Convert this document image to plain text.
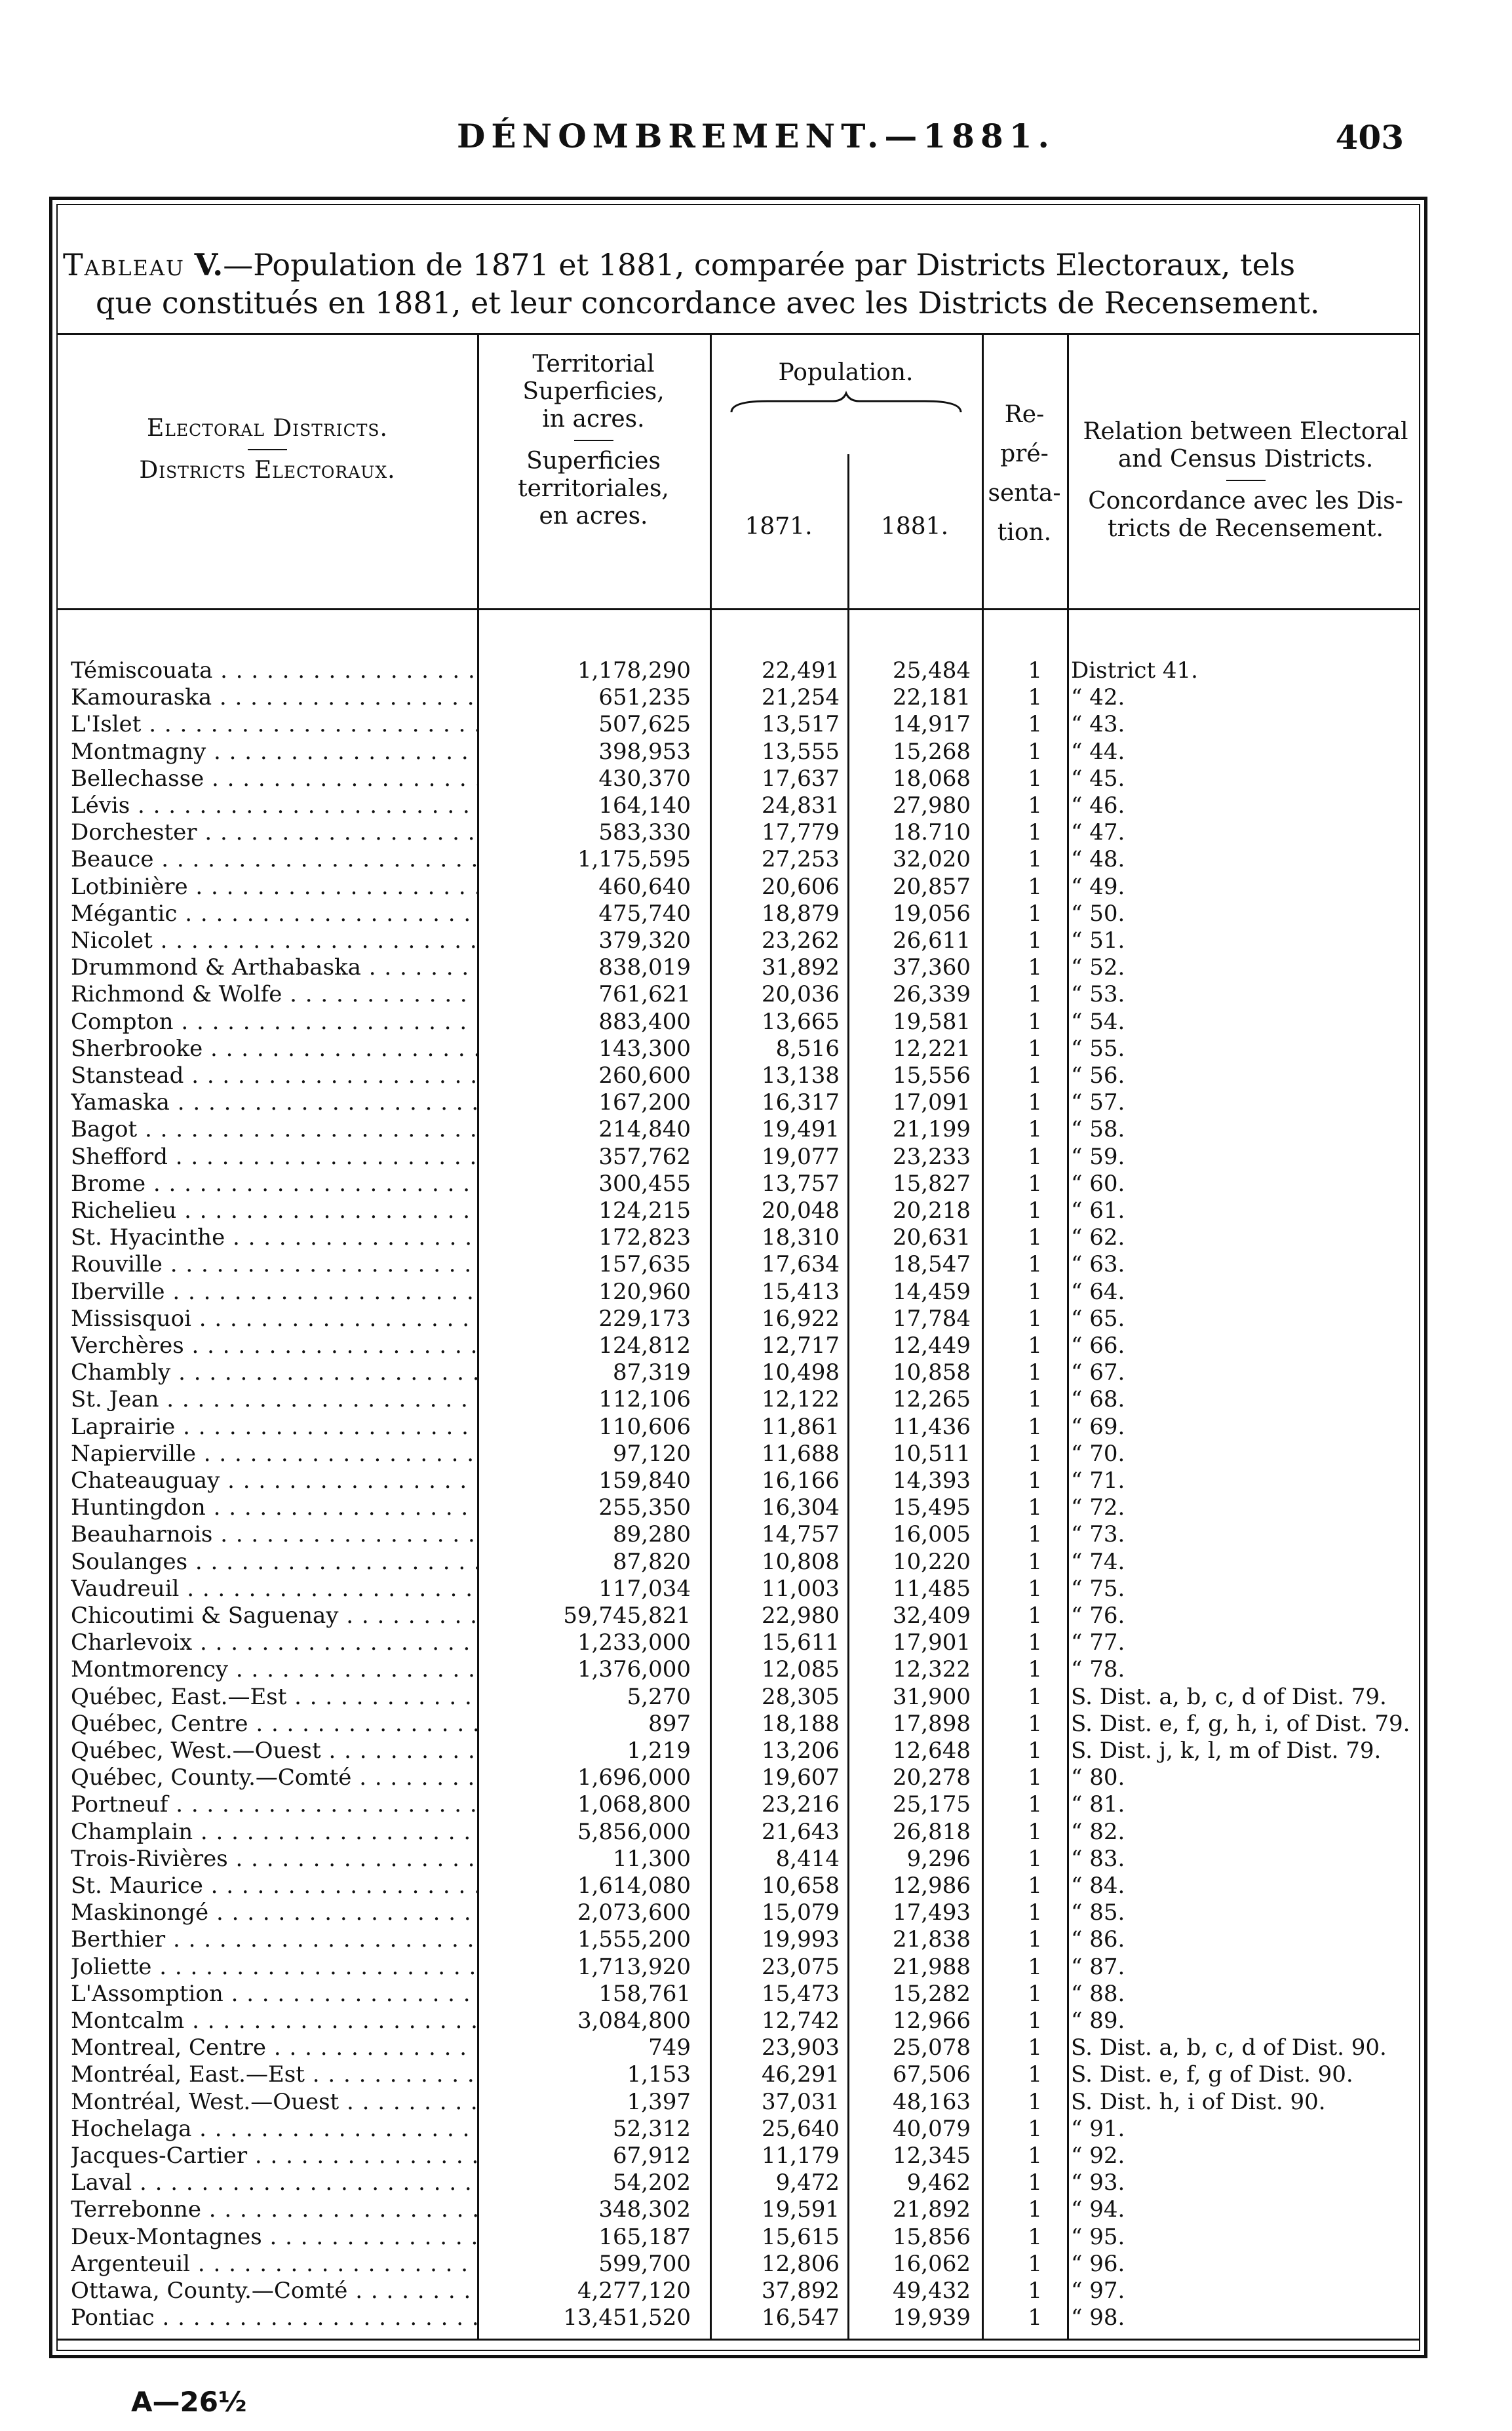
DÉNOMBREMENT.—1881.	403
Tableau V.—Population de 1871 et 1881, comparée par Districts Electoraux, tels
que constitués en 1881, et leur concordance avec les Districts de Recensement.
Electoral Districts.
Districts Electoraux.
Territorial
Superficies,
in acres.
Superficies
territoriales,
en acres.
Population.
1871.	1881.
Re-
pré-
senta-
tion.
Relation between Electoral
and Census Districts.
Concordance avec les Dis-
tricts de Recensement.
Témiscouata . . .	1,178,290	22,491	25,484	1	District 41.
Kamouraska . . .	651,235	21,254	22,181	1	“ 42.
L'Islet . . .	507,625	13,517	14,917	1	“ 43.
Montmagny . . .	398,953	13,555	15,268	1	“ 44.
Bellechasse . . .	430,370	17,637	18,068	1	“ 45.
Lévis . . .	164,140	24,831	27,980	1	“ 46.
Dorchester . . .	583,330	17,779	18.710	1	“ 47.
Beauce . . .	1,175,595	27,253	32,020	1	“ 48.
Lotbinière . . .	460,640	20,606	20,857	1	“ 49.
Mégantic . . .	475,740	18,879	19,056	1	“ 50.
Nicolet . . .	379,320	23,262	26,611	1	“ 51.
Drummond & Arthabaska . . .	838,019	31,892	37,360	1	“ 52.
Richmond & Wolfe . . .	761,621	20,036	26,339	1	“ 53.
Compton . . .	883,400	13,665	19,581	1	“ 54.
Sherbrooke . . .	143,300	8,516	12,221	1	“ 55.
Stanstead . . .	260,600	13,138	15,556	1	“ 56.
Yamaska . . .	167,200	16,317	17,091	1	“ 57.
Bagot . . .	214,840	19,491	21,199	1	“ 58.
Shefford . . .	357,762	19,077	23,233	1	“ 59.
Brome . . .	300,455	13,757	15,827	1	“ 60.
Richelieu . . .	124,215	20,048	20,218	1	“ 61.
St. Hyacinthe . . .	172,823	18,310	20,631	1	“ 62.
Rouville . . .	157,635	17,634	18,547	1	“ 63.
Iberville . . .	120,960	15,413	14,459	1	“ 64.
Missisquoi . . .	229,173	16,922	17,784	1	“ 65.
Verchères . . .	124,812	12,717	12,449	1	“ 66.
Chambly . . .	87,319	10,498	10,858	1	“ 67.
St. Jean . . .	112,106	12,122	12,265	1	“ 68.
Laprairie . . .	110,606	11,861	11,436	1	“ 69.
Napierville . . .	97,120	11,688	10,511	1	“ 70.
Chateauguay . . .	159,840	16,166	14,393	1	“ 71.
Huntingdon . . .	255,350	16,304	15,495	1	“ 72.
Beauharnois . . .	89,280	14,757	16,005	1	“ 73.
Soulanges . . .	87,820	10,808	10,220	1	“ 74.
Vaudreuil . . .	117,034	11,003	11,485	1	“ 75.
Chicoutimi & Saguenay . . .	59,745,821	22,980	32,409	1	“ 76.
Charlevoix . . .	1,233,000	15,611	17,901	1	“ 77.
Montmorency . . .	1,376,000	12,085	12,322	1	“ 78.
Québec, East.—Est . . .	5,270	28,305	31,900	1	S. Dist. a, b, c, d of Dist. 79.
Québec, Centre . . .	897	18,188	17,898	1	S. Dist. e, f, g, h, i, of Dist. 79.
Québec, West.—Ouest . . .	1,219	13,206	12,648	1	S. Dist. j, k, l, m of Dist. 79.
Québec, County.—Comté . . .	1,696,000	19,607	20,278	1	“ 80.
Portneuf . . .	1,068,800	23,216	25,175	1	“ 81.
Champlain . . .	5,856,000	21,643	26,818	1	“ 82.
Trois-Rivières . . .	11,300	8,414	9,296	1	“ 83.
St. Maurice . . .	1,614,080	10,658	12,986	1	“ 84.
Maskinongé . . .	2,073,600	15,079	17,493	1	“ 85.
Berthier . . .	1,555,200	19,993	21,838	1	“ 86.
Joliette . . .	1,713,920	23,075	21,988	1	“ 87.
L'Assomption . . .	158,761	15,473	15,282	1	“ 88.
Montcalm . . .	3,084,800	12,742	12,966	1	“ 89.
Montreal, Centre . . .	749	23,903	25,078	1	S. Dist. a, b, c, d of Dist. 90.
Montréal, East.—Est . . .	1,153	46,291	67,506	1	S. Dist. e, f, g of Dist. 90.
Montréal, West.—Ouest . . .	1,397	37,031	48,163	1	S. Dist. h, i of Dist. 90.
Hochelaga . . .	52,312	25,640	40,079	1	“ 91.
Jacques-Cartier . . .	67,912	11,179	12,345	1	“ 92.
Laval . . .	54,202	9,472	9,462	1	“ 93.
Terrebonne . . .	348,302	19,591	21,892	1	“ 94.
Deux-Montagnes . . .	165,187	15,615	15,856	1	“ 95.
Argenteuil . . .	599,700	12,806	16,062	1	“ 96.
Ottawa, County.—Comté . . .	4,277,120	37,892	49,432	1	“ 97.
Pontiac . . .	13,451,520	16,547	19,939	1	“ 98.
A—26½
